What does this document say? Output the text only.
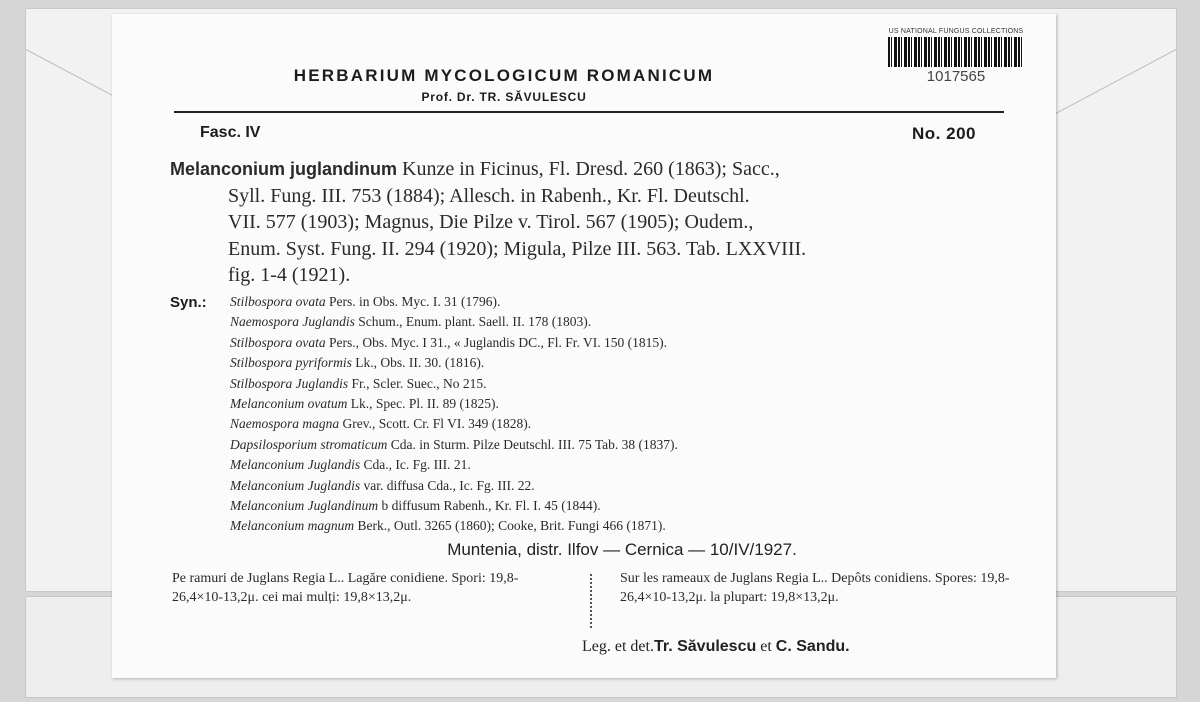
US NATIONAL FUNGUS COLLECTIONS
1017565
HERBARIUM MYCOLOGICUM ROMANICUM
Prof. Dr. TR. SĂVULESCU
Fasc. IV	No. 200
Melanconium juglandinum Kunze in Ficinus, Fl. Dresd. 260 (1863); Sacc.,
Syll. Fung. III. 753 (1884); Allesch. in Rabenh., Kr. Fl. Deutschl.
VII. 577 (1903); Magnus, Die Pilze v. Tirol. 567 (1905); Oudem.,
Enum. Syst. Fung. II. 294 (1920); Migula, Pilze III. 563. Tab. LXXVIII.
fig. 1-4 (1921).
Syn.: Stilbospora ovata Pers. in Obs. Myc. I. 31 (1796).
Naemospora Juglandis Schum., Enum. plant. Saell. II. 178 (1803).
Stilbospora ovata Pers., Obs. Myc. I 31., « Juglandis DC., Fl. Fr. VI. 150 (1815).
Stilbospora pyriformis Lk., Obs. II. 30. (1816).
Stilbospora Juglandis Fr., Scler. Suec., No 215.
Melanconium ovatum Lk., Spec. Pl. II. 89 (1825).
Naemospora magna Grev., Scott. Cr. Fl VI. 349 (1828).
Dapsilosporium stromaticum Cda. in Sturm. Pilze Deutschl. III. 75 Tab. 38 (1837).
Melanconium Juglandis Cda., Ic. Fg. III. 21.
Melanconium Juglandis var. diffusa Cda., Ic. Fg. III. 22.
Melanconium Juglandinum b diffusum Rabenh., Kr. Fl. I. 45 (1844).
Melanconium magnum Berk., Outl. 3265 (1860); Cooke, Brit. Fungi 466 (1871).
Muntenia, distr. Ilfov — Cernica — 10/IV/1927.
Pe ramuri de Juglans Regia L.. Lagăre conidiene. Spori: 19,8-26,4×10-13,2μ. cei mai mulți: 19,8×13,2μ.
Sur les rameaux de Juglans Regia L.. Depôts conidiens. Spores: 19,8-26,4×10-13,2μ. la plupart: 19,8×13,2μ.
Leg. et det.Tr. Săvulescu et C. Sandu.
